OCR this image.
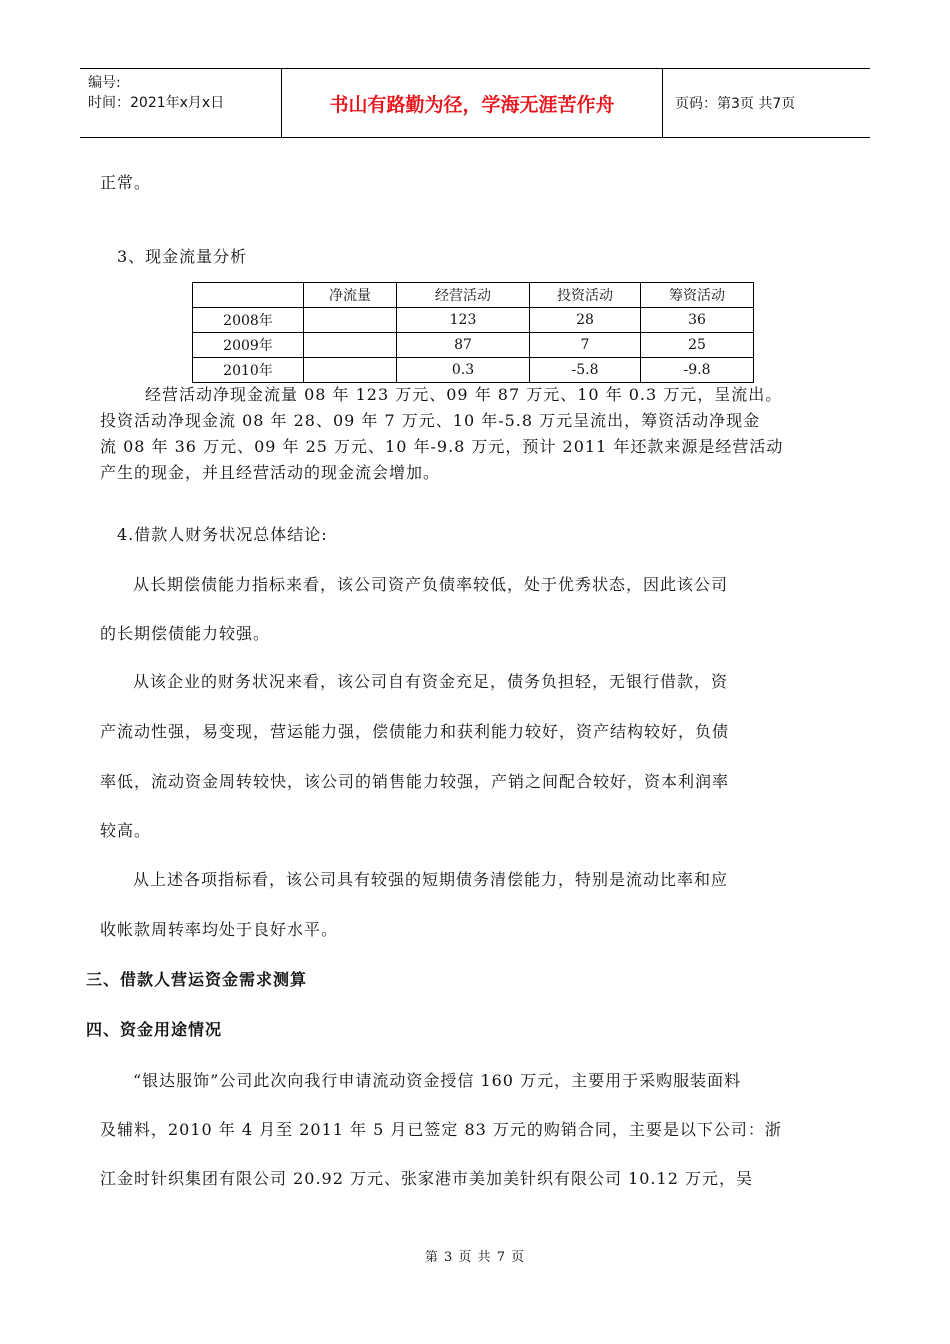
编号:
时间：2021年x月x日	书山有路勤为径，学海无涯苦作舟	页码：第3页 共7页
正常。
3、现金流量分析
	净流量	经营活动	投资活动	筹资活动
2008年		123	28	36
2009年		87	7	25
2010年		0.3	-5.8	-9.8
经营活动净现金流量 08 年 123 万元、09 年 87 万元、10 年 0.3 万元，呈流出。
投资活动净现金流 08 年 28、09 年 7 万元、10 年-5.8 万元呈流出，筹资活动净现金
流 08 年 36 万元、09 年 25 万元、10 年-9.8 万元，预计 2011 年还款来源是经营活动
产生的现金，并且经营活动的现金流会增加。
4.借款人财务状况总体结论:
从长期偿债能力指标来看，该公司资产负债率较低，处于优秀状态，因此该公司
的长期偿债能力较强。
从该企业的财务状况来看，该公司自有资金充足，债务负担轻，无银行借款，资
产流动性强，易变现，营运能力强，偿债能力和获利能力较好，资产结构较好，负债
率低，流动资金周转较快，该公司的销售能力较强，产销之间配合较好，资本利润率
较高。
从上述各项指标看，该公司具有较强的短期债务清偿能力，特别是流动比率和应
收帐款周转率均处于良好水平。
三、借款人营运资金需求测算
四、资金用途情况
“银达服饰”公司此次向我行申请流动资金授信 160 万元，主要用于采购服装面料
及辅料，2010 年 4 月至 2011 年 5 月已签定 83 万元的购销合同，主要是以下公司：浙
江金时针织集团有限公司 20.92 万元、张家港市美加美针织有限公司 10.12 万元，吴
第 3 页 共 7 页
